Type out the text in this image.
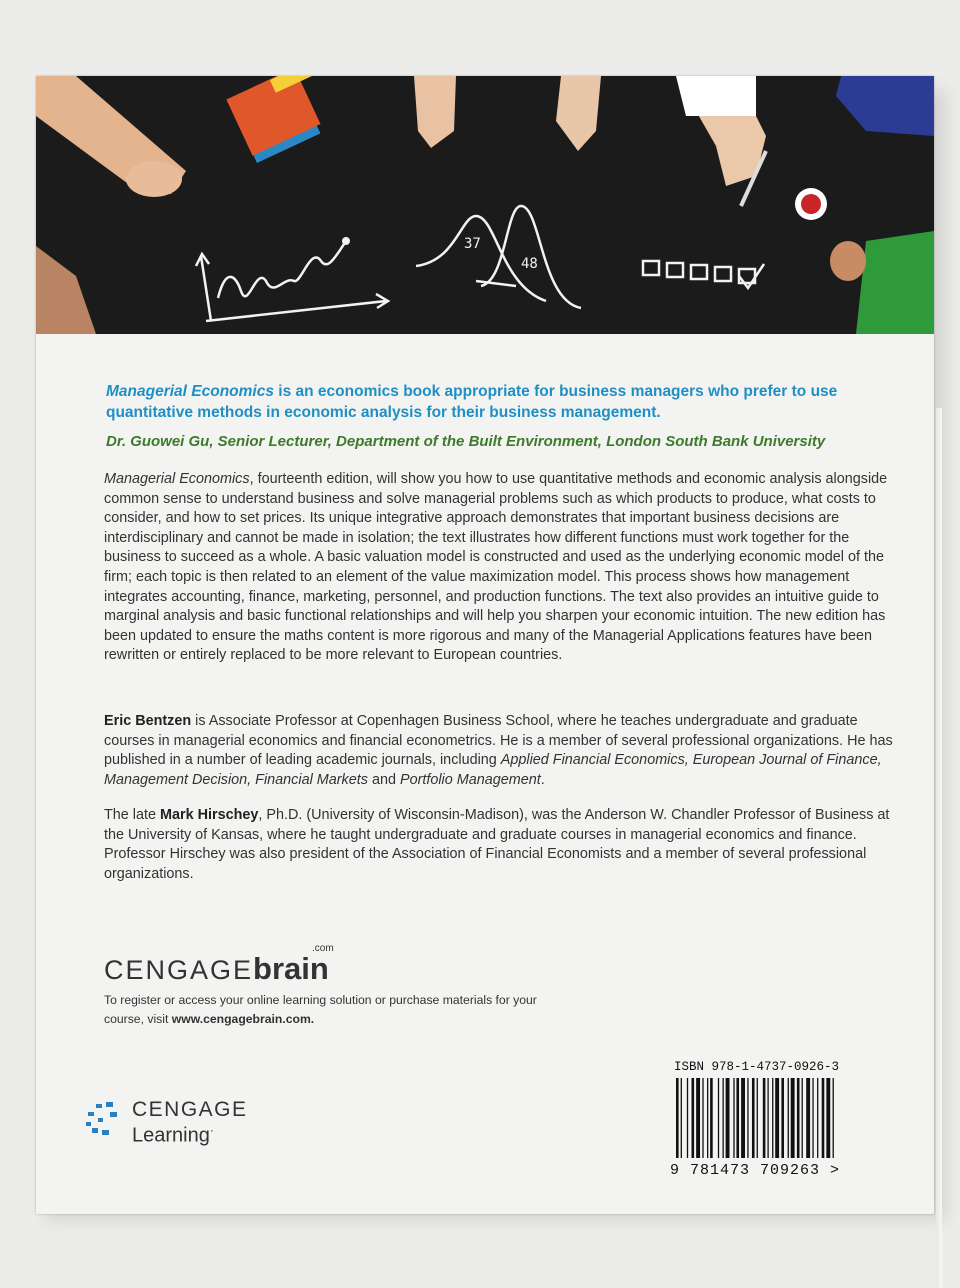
37
48
Managerial Economics is an economics book appropriate for business managers who prefer to use quantitative methods in economic analysis for their business management.
Dr. Guowei Gu, Senior Lecturer, Department of the Built Environment, London South Bank University
Managerial Economics, fourteenth edition, will show you how to use quantitative methods and economic analysis alongside common sense to understand business and solve managerial problems such as which products to produce, what costs to consider, and how to set prices. Its unique integrative approach demonstrates that important business decisions are interdisciplinary and cannot be made in isolation; the text illustrates how different functions must work together for the business to succeed as a whole. A basic valuation model is constructed and used as the underlying economic model of the firm; each topic is then related to an element of the value maximization model. This process shows how management integrates accounting, finance, marketing, personnel, and production functions. The text also provides an intuitive guide to marginal analysis and basic functional relationships and will help you sharpen your economic intuition. The new edition has been updated to ensure the maths content is more rigorous and many of the Managerial Applications features have been rewritten or entirely replaced to be more relevant to European countries.
Eric Bentzen is Associate Professor at Copenhagen Business School, where he teaches undergraduate and graduate courses in managerial economics and financial econometrics. He is a member of several professional organizations. He has published in a number of leading academic journals, including Applied Financial Economics, European Journal of Finance, Management Decision, Financial Markets and Portfolio Management.
The late Mark Hirschey, Ph.D. (University of Wisconsin-Madison), was the Anderson W. Chandler Professor of Business at the University of Kansas, where he taught undergraduate and graduate courses in managerial economics and finance. Professor Hirschey was also president of the Association of Financial Economists and a member of several professional organizations.
CENGAGEbrain
.com
To register or access your online learning solution or purchase materials for your course, visit www.cengagebrain.com.
CENGAGE
Learning·
ISBN 978-1-4737-0926-3
9 781473 709263 >
